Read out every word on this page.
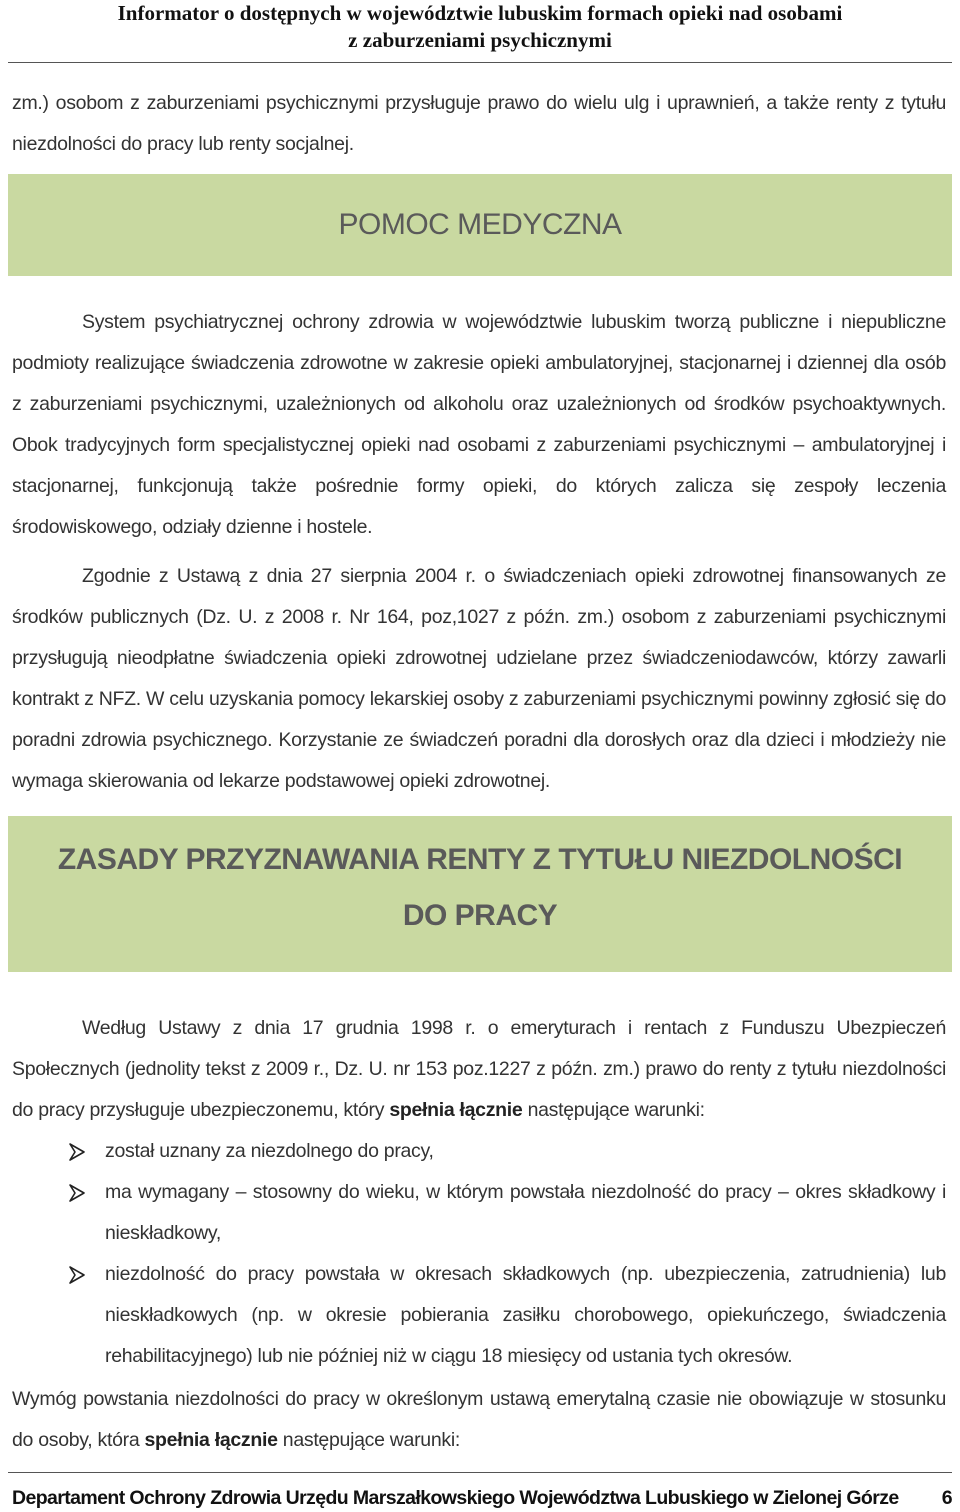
Informator o dostępnych w województwie lubuskim formach opieki nad osobami
z zaburzeniami psychicznymi
zm.) osobom z zaburzeniami psychicznymi przysługuje prawo do wielu ulg i uprawnień, a także renty z tytułu niezdolności do pracy lub renty socjalnej.
POMOC MEDYCZNA
System psychiatrycznej ochrony zdrowia w województwie lubuskim tworzą publiczne i niepubliczne podmioty realizujące świadczenia zdrowotne w zakresie opieki ambulatoryjnej, stacjonarnej i dziennej dla osób z zaburzeniami psychicznymi, uzależnionych od alkoholu oraz uzależnionych od środków psychoaktywnych. Obok tradycyjnych form specjalistycznej opieki nad osobami z zaburzeniami psychicznymi – ambulatoryjnej i stacjonarnej, funkcjonują także pośrednie formy opieki, do których zalicza się zespoły leczenia środowiskowego, odziały dzienne i hostele.
Zgodnie z Ustawą z dnia 27 sierpnia 2004 r. o świadczeniach opieki zdrowotnej finansowanych ze środków publicznych (Dz. U. z 2008 r. Nr 164, poz,1027 z późn. zm.) osobom z zaburzeniami psychicznymi przysługują nieodpłatne świadczenia opieki zdrowotnej udzielane przez świadczeniodawców, którzy zawarli kontrakt z NFZ. W celu uzyskania pomocy lekarskiej osoby z zaburzeniami psychicznymi powinny zgłosić się do poradni zdrowia psychicznego. Korzystanie ze świadczeń poradni dla dorosłych oraz dla dzieci i młodzieży nie wymaga skierowania od lekarze podstawowej opieki zdrowotnej.
ZASADY PRZYZNAWANIA RENTY Z TYTUŁU NIEZDOLNOŚCI
DO PRACY
Według Ustawy z dnia 17 grudnia 1998 r. o emeryturach i rentach z Funduszu Ubezpieczeń Społecznych (jednolity tekst z 2009 r., Dz. U. nr 153 poz.1227 z późn. zm.) prawo do renty z tytułu niezdolności do pracy przysługuje ubezpieczonemu, który spełnia łącznie następujące warunki:
został uznany za niezdolnego do pracy,
ma wymagany – stosowny do wieku, w którym powstała niezdolność do pracy – okres składkowy i nieskładkowy,
niezdolność do pracy powstała w okresach składkowych (np. ubezpieczenia, zatrudnienia) lub nieskładkowych (np. w okresie pobierania zasiłku chorobowego, opiekuńczego, świadczenia rehabilitacyjnego) lub nie później niż w ciągu 18 miesięcy od ustania tych okresów.
Wymóg powstania niezdolności do pracy w określonym ustawą emerytalną czasie nie obowiązuje w stosunku do osoby, która spełnia łącznie następujące warunki:
Departament Ochrony Zdrowia Urzędu Marszałkowskiego Województwa Lubuskiego w Zielonej Górze 6
